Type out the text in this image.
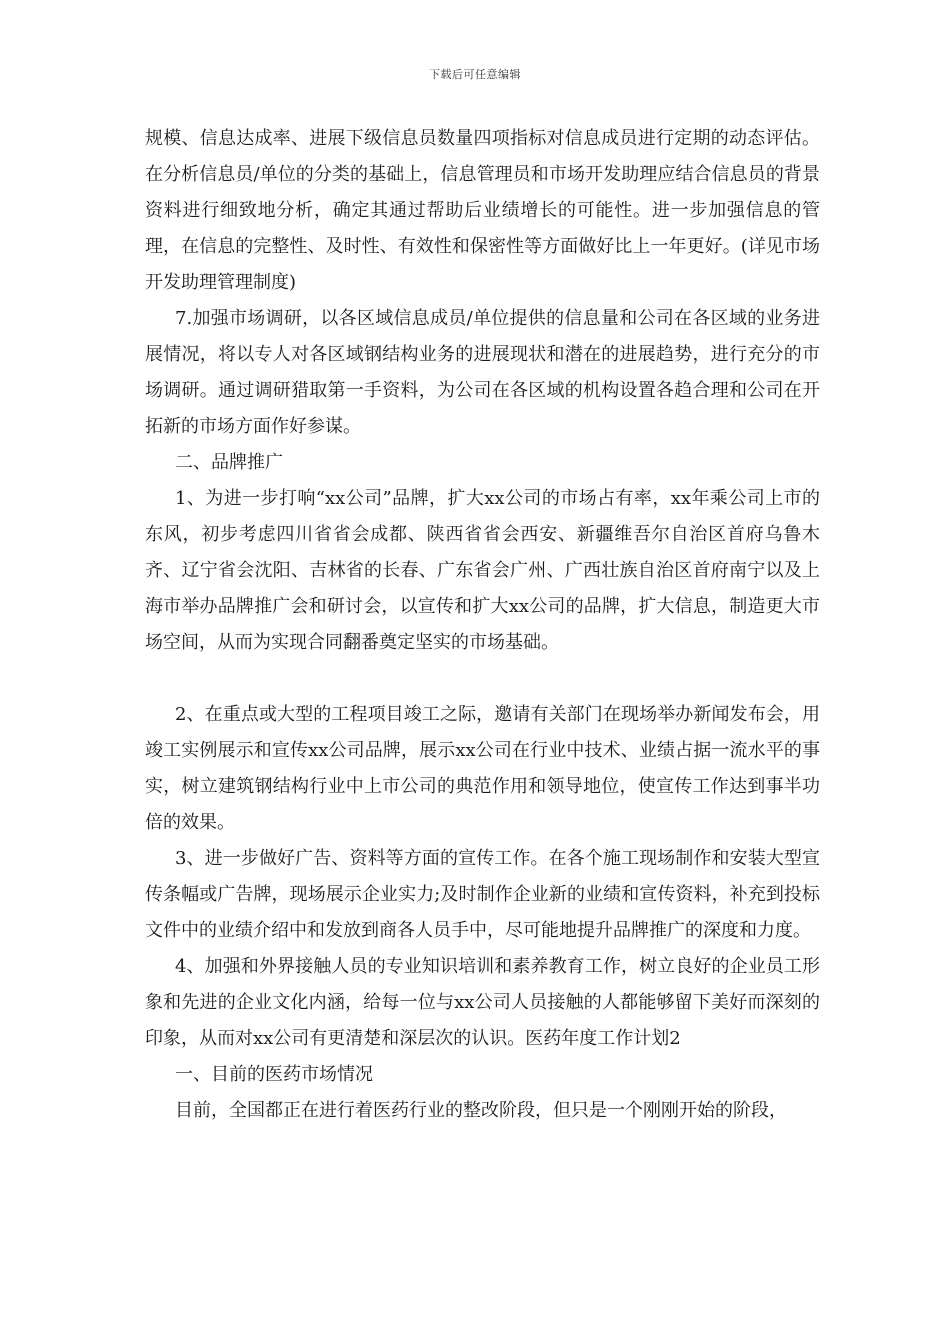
下载后可任意编辑

规模、信息达成率、进展下级信息员数量四项指标对信息成员进行定期的动态评估。在分析信息员/单位的分类的基础上，信息管理员和市场开发助理应结合信息员的背景资料进行细致地分析，确定其通过帮助后业绩增长的可能性。进一步加强信息的管理，在信息的完整性、及时性、有效性和保密性等方面做好比上一年更好。(详见市场开发助理管理制度)

7.加强市场调研，以各区域信息成员/单位提供的信息量和公司在各区域的业务进展情况，将以专人对各区域钢结构业务的进展现状和潜在的进展趋势，进行充分的市场调研。通过调研猎取第一手资料，为公司在各区域的机构设置各趋合理和公司在开拓新的市场方面作好参谋。

二、品牌推广

1、为进一步打响“xx公司”品牌，扩大xx公司的市场占有率，xx年乘公司上市的东风，初步考虑四川省省会成都、陕西省省会西安、新疆维吾尔自治区首府乌鲁木齐、辽宁省会沈阳、吉林省的长春、广东省会广州、广西壮族自治区首府南宁以及上海市举办品牌推广会和研讨会，以宣传和扩大xx公司的品牌，扩大信息，制造更大市场空间，从而为实现合同翻番奠定坚实的市场基础。

2、在重点或大型的工程项目竣工之际，邀请有关部门在现场举办新闻发布会，用竣工实例展示和宣传xx公司品牌，展示xx公司在行业中技术、业绩占据一流水平的事实，树立建筑钢结构行业中上市公司的典范作用和领导地位，使宣传工作达到事半功倍的效果。

3、进一步做好广告、资料等方面的宣传工作。在各个施工现场制作和安装大型宣传条幅或广告牌，现场展示企业实力;及时制作企业新的业绩和宣传资料，补充到投标文件中的业绩介绍中和发放到商各人员手中，尽可能地提升品牌推广的深度和力度。

4、加强和外界接触人员的专业知识培训和素养教育工作，树立良好的企业员工形象和先进的企业文化内涵，给每一位与xx公司人员接触的人都能够留下美好而深刻的印象，从而对xx公司有更清楚和深层次的认识。医药年度工作计划2

一、目前的医药市场情况

目前，全国都正在进行着医药行业的整改阶段，但只是一个刚刚开始的阶段，
